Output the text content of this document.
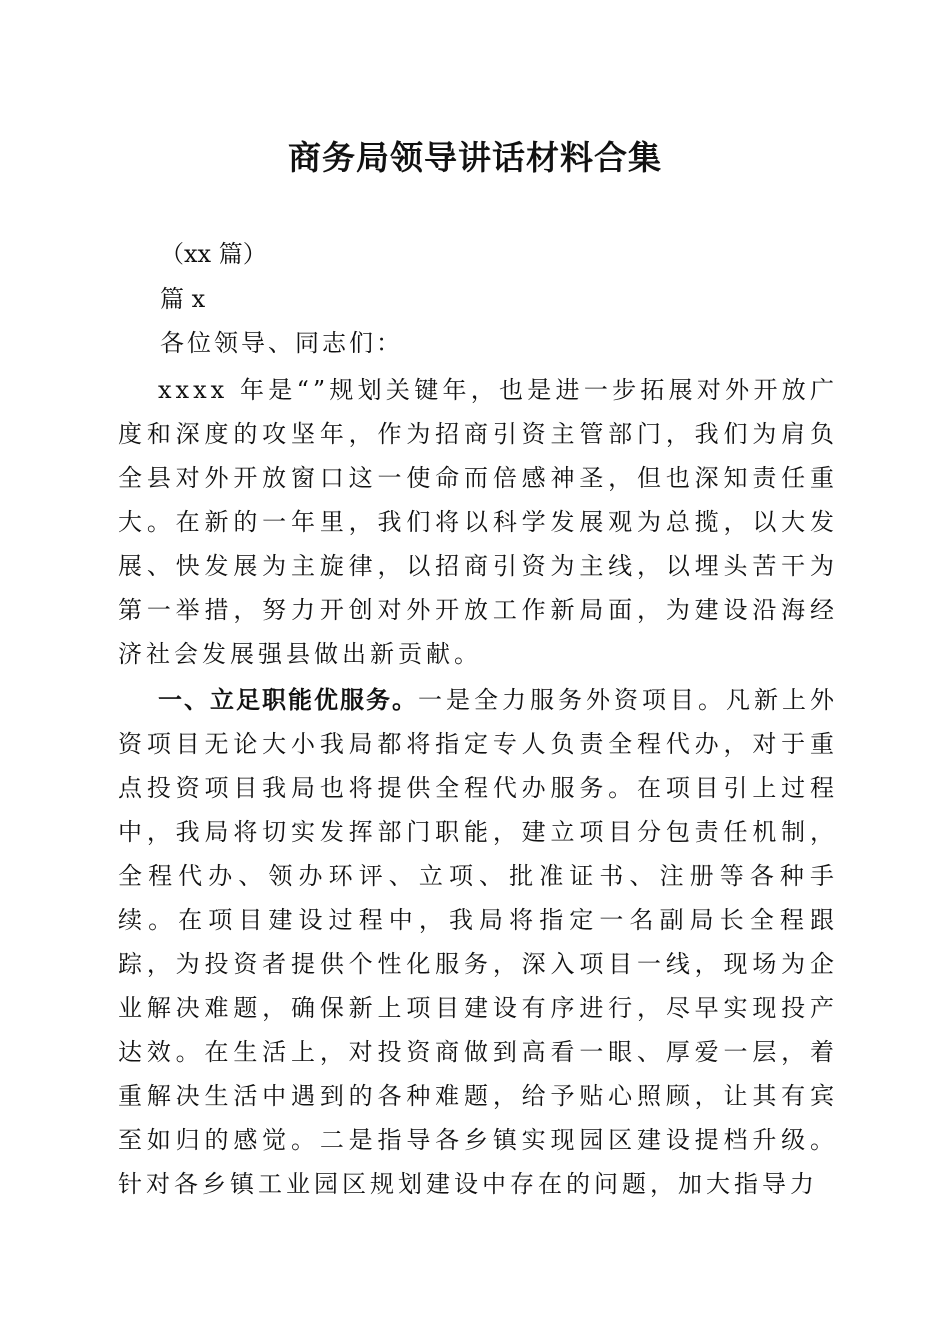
商务局领导讲话材料合集

（xx 篇）

篇 x

各位领导、同志们：

xxxx 年是“”规划关键年，也是进一步拓展对外开放广度和深度的攻坚年，作为招商引资主管部门，我们为肩负全县对外开放窗口这一使命而倍感神圣，但也深知责任重大。在新的一年里，我们将以科学发展观为总揽，以大发展、快发展为主旋律，以招商引资为主线，以埋头苦干为第一举措，努力开创对外开放工作新局面，为建设沿海经济社会发展强县做出新贡献。

一、立足职能优服务。一是全力服务外资项目。凡新上外资项目无论大小我局都将指定专人负责全程代办，对于重点投资项目我局也将提供全程代办服务。在项目引上过程中，我局将切实发挥部门职能，建立项目分包责任机制，全程代办、领办环评、立项、批准证书、注册等各种手续。在项目建设过程中，我局将指定一名副局长全程跟踪，为投资者提供个性化服务，深入项目一线，现场为企业解决难题，确保新上项目建设有序进行，尽早实现投产达效。在生活上，对投资商做到高看一眼、厚爱一层，着重解决生活中遇到的各种难题，给予贴心照顾，让其有宾至如归的感觉。二是指导各乡镇实现园区建设提档升级。针对各乡镇工业园区规划建设中存在的问题，加大指导力
